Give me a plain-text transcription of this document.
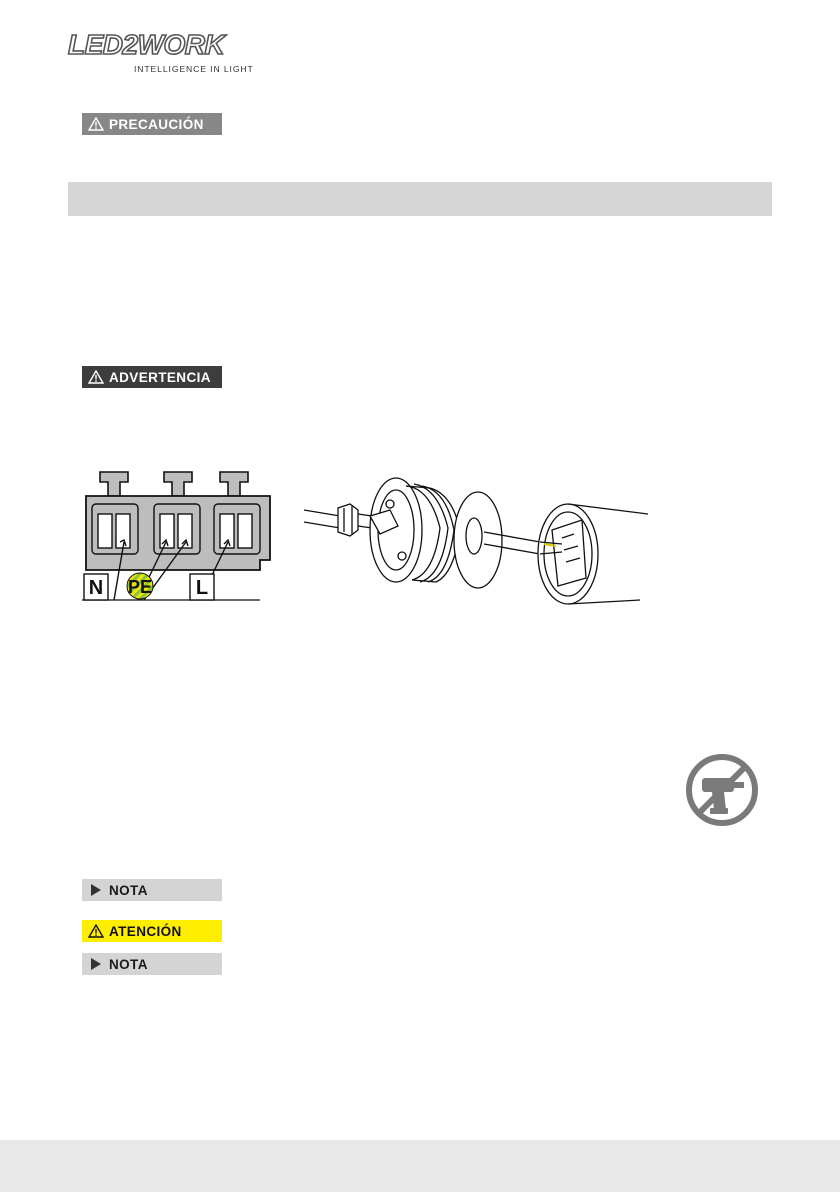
LED2WORK
INTELLIGENCE IN LIGHT
PRECAUCIÓN
ADVERTENCIA
N PE L
NOTA
ATENCIÓN
NOTA
